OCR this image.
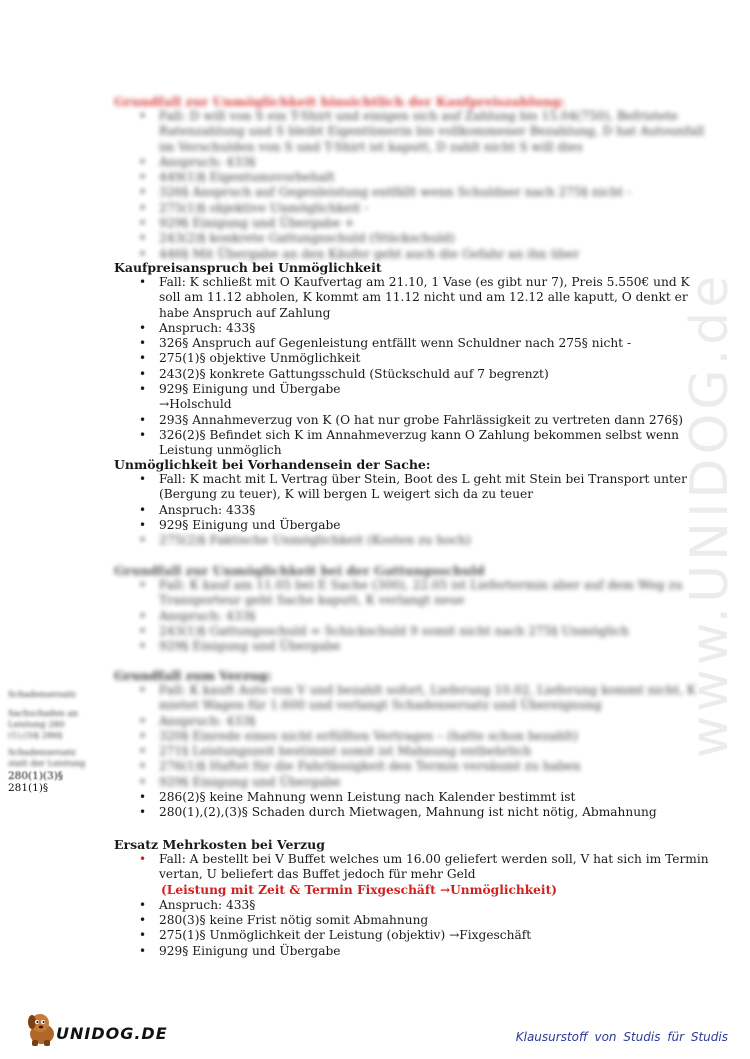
www.UNIDOG.de

Grundfall zur Unmöglichkeit hinsichtlich der Kaufpreiszahlung:

• Fall: D will von S ein T-Shirt und einigen sich auf Zahlung bis 15.04(750), Befristete Ratenzahlung und S bleibt Eigentümerin bis vollkommener Bezahlung, D hat Autounfall im Verschulden von S und T-Shirt ist kaputt, D zahlt nicht S will dies
• Anspruch: 433§
• 449(1)§ Eigentumsvorbehalt
• 326§ Anspruch auf Gegenleistung entfällt wenn Schuldner nach 275§ nicht -
• 275(1)§ objektive Unmöglichkeit -
• 929§ Einigung und Übergabe +
• 243(2)§ konkrete Gattungsschuld (Stückschuld)
• 446§ Mit Übergabe an den Käufer geht auch die Gefahr an ihn über

Kaufpreisanspruch bei Unmöglichkeit

• Fall: K schließt mit O Kaufvertag am 21.10, 1 Vase (es gibt nur 7), Preis 5.550€ und K soll am 11.12 abholen, K kommt am 11.12 nicht und am 12.12 alle kaputt, O denkt er habe Anspruch auf Zahlung
• Anspruch: 433§
• 326§ Anspruch auf Gegenleistung entfällt wenn Schuldner nach 275§ nicht -
• 275(1)§ objektive Unmöglichkeit
• 243(2)§ konkrete Gattungsschuld (Stückschuld auf 7 begrenzt)
• 929§ Einigung und Übergabe
→Holschuld
• 293§ Annahmeverzug von K (O hat nur grobe Fahrlässigkeit zu vertreten dann 276§)
• 326(2)§ Befindet sich K im Annahmeverzug kann O Zahlung bekommen selbst wenn Leistung unmöglich

Unmöglichkeit bei Vorhandensein der Sache:

• Fall: K macht mit L Vertrag über Stein, Boot des L geht mit Stein bei Transport unter (Bergung zu teuer), K will bergen L weigert sich da zu teuer
• Anspruch: 433§
• 929§ Einigung und Übergabe
• 275(2)§ Faktische Unmöglichkeit (Kosten zu hoch)

Grundfall zur Unmöglichkeit bei der Gattungsschuld

• Fall: K kauf am 11.05 bei E Sache (300), 22.05 ist Liefertermin aber auf dem Weg zu Transporteur geht Sache kaputt, K verlangt neue
• Anspruch: 433§
• 243(1)§ Gattungsschuld = Schickschuld 9 somit nicht nach 275§ Unmöglich
• 929§ Einigung und Übergabe

Grundfall zum Verzug:

• Fall: K kauft Auto von V und bezahlt sofort, Lieferung 10.02, Lieferung kommt nicht, K mietet Wagen für 1.600 und verlangt Schadensersatz und Übereignung
• Anspruch: 433§
• 320§ Einrede eines nicht erfüllten Vertrages – (hatte schon bezahlt)
• 271§ Leistungszeit bestimmt somit ist Mahnung entbehrlich
• 276(1)§ Haftet für die Fahrlässigkeit den Termin versäumt zu haben
• 929§ Einigung und Übergabe
• 286(2)§ keine Mahnung wenn Leistung nach Kalender bestimmt ist
• 280(1),(2),(3)§ Schaden durch Mietwagen, Mahnung ist nicht nötig, Abmahnung

Ersatz Mehrkosten bei Verzug

• Fall: A bestellt bei V Buffet welches um 16.00 geliefert werden soll, V hat sich im Termin vertan, U beliefert das Buffet jedoch für mehr Geld
(Leistung mit Zeit & Termin Fixgeschäft →Unmöglichkeit)
• Anspruch: 433§
• 280(3)§ keine Frist nötig somit Abmahnung
• 275(1)§ Unmöglichkeit der Leistung (objektiv) →Fixgeschäft
• 929§ Einigung und Übergabe
Schadensersatz
Sachschaden an
Leistung 280
(1),(3)§ 286§
Schadensersatz
statt der Leistung
280(1)(3)§
281(1)§
UNIDOG.DE	Klausurstoff von Studis für Studis
